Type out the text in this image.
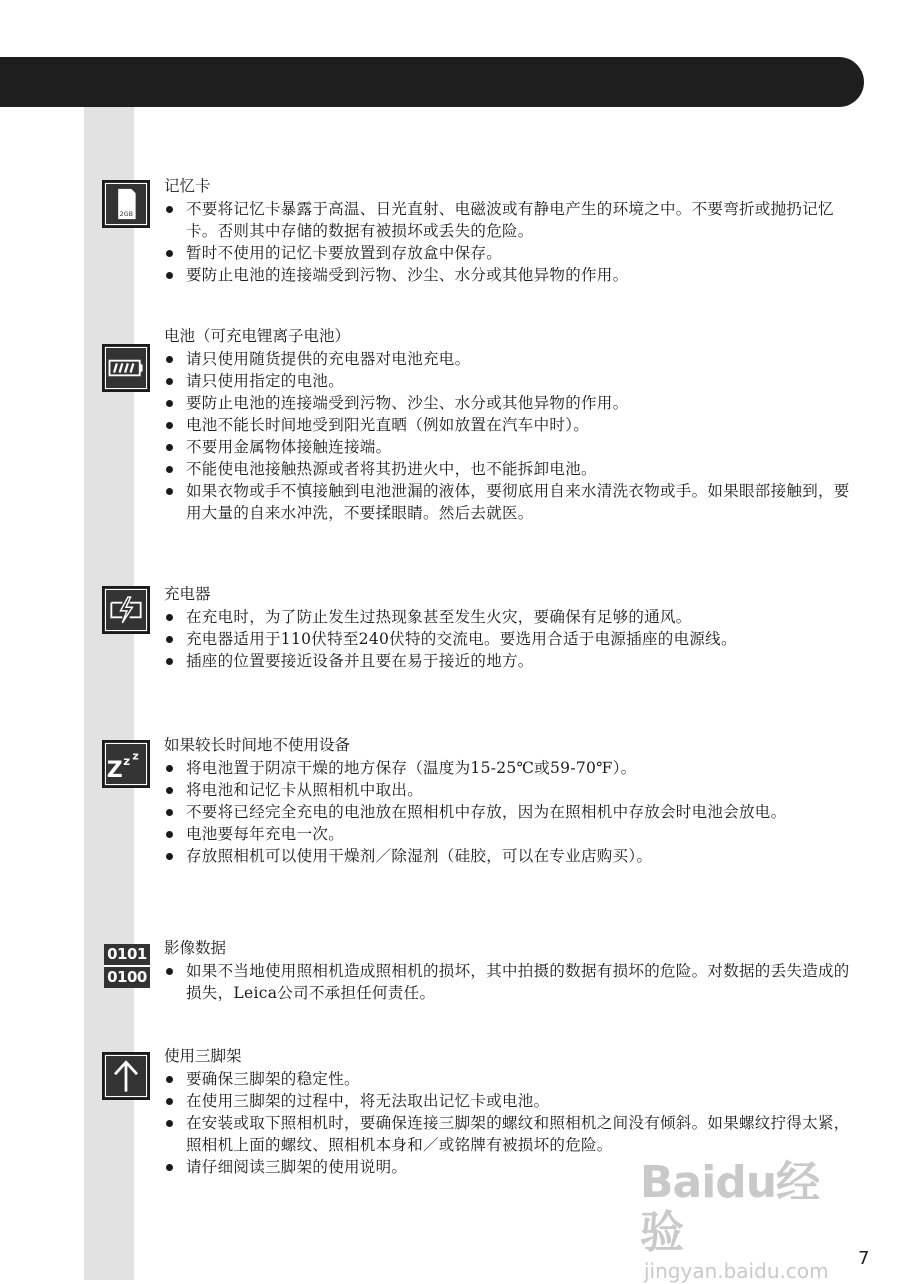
2GB
记忆卡
不要将记忆卡暴露于高温、日光直射、电磁波或有静电产生的环境之中。不要弯折或抛扔记忆卡。否则其中存储的数据有被损坏或丢失的危险。
暂时不使用的记忆卡要放置到存放盒中保存。
要防止电池的连接端受到污物、沙尘、水分或其他异物的作用。
电池（可充电锂离子电池）
请只使用随货提供的充电器对电池充电。
请只使用指定的电池。
要防止电池的连接端受到污物、沙尘、水分或其他异物的作用。
电池不能长时间地受到阳光直晒（例如放置在汽车中时）。
不要用金属物体接触连接端。
不能使电池接触热源或者将其扔进火中，也不能拆卸电池。
如果衣物或手不慎接触到电池泄漏的液体，要彻底用自来水清洗衣物或手。如果眼部接触到，要用大量的自来水冲洗，不要揉眼睛。然后去就医。
充电器
在充电时，为了防止发生过热现象甚至发生火灾，要确保有足够的通风。
充电器适用于110伏特至240伏特的交流电。要选用合适于电源插座的电源线。
插座的位置要接近设备并且要在易于接近的地方。
Z z z
如果较长时间地不使用设备
将电池置于阴凉干燥的地方保存（温度为15-25℃或59-70℉）。
将电池和记忆卡从照相机中取出。
不要将已经完全充电的电池放在照相机中存放，因为在照相机中存放会时电池会放电。
电池要每年充电一次。
存放照相机可以使用干燥剂／除湿剂（硅胶，可以在专业店购买）。
0101
0100
影像数据
如果不当地使用照相机造成照相机的损坏，其中拍摄的数据有损坏的危险。对数据的丢失造成的损失，Leica公司不承担任何责任。
使用三脚架
要确保三脚架的稳定性。
在使用三脚架的过程中，将无法取出记忆卡或电池。
在安装或取下照相机时，要确保连接三脚架的螺纹和照相机之间没有倾斜。如果螺纹拧得太紧，照相机上面的螺纹、照相机本身和／或铭牌有被损坏的危险。
请仔细阅读三脚架的使用说明。	Baidu经验
jingyan.baidu.com
7
